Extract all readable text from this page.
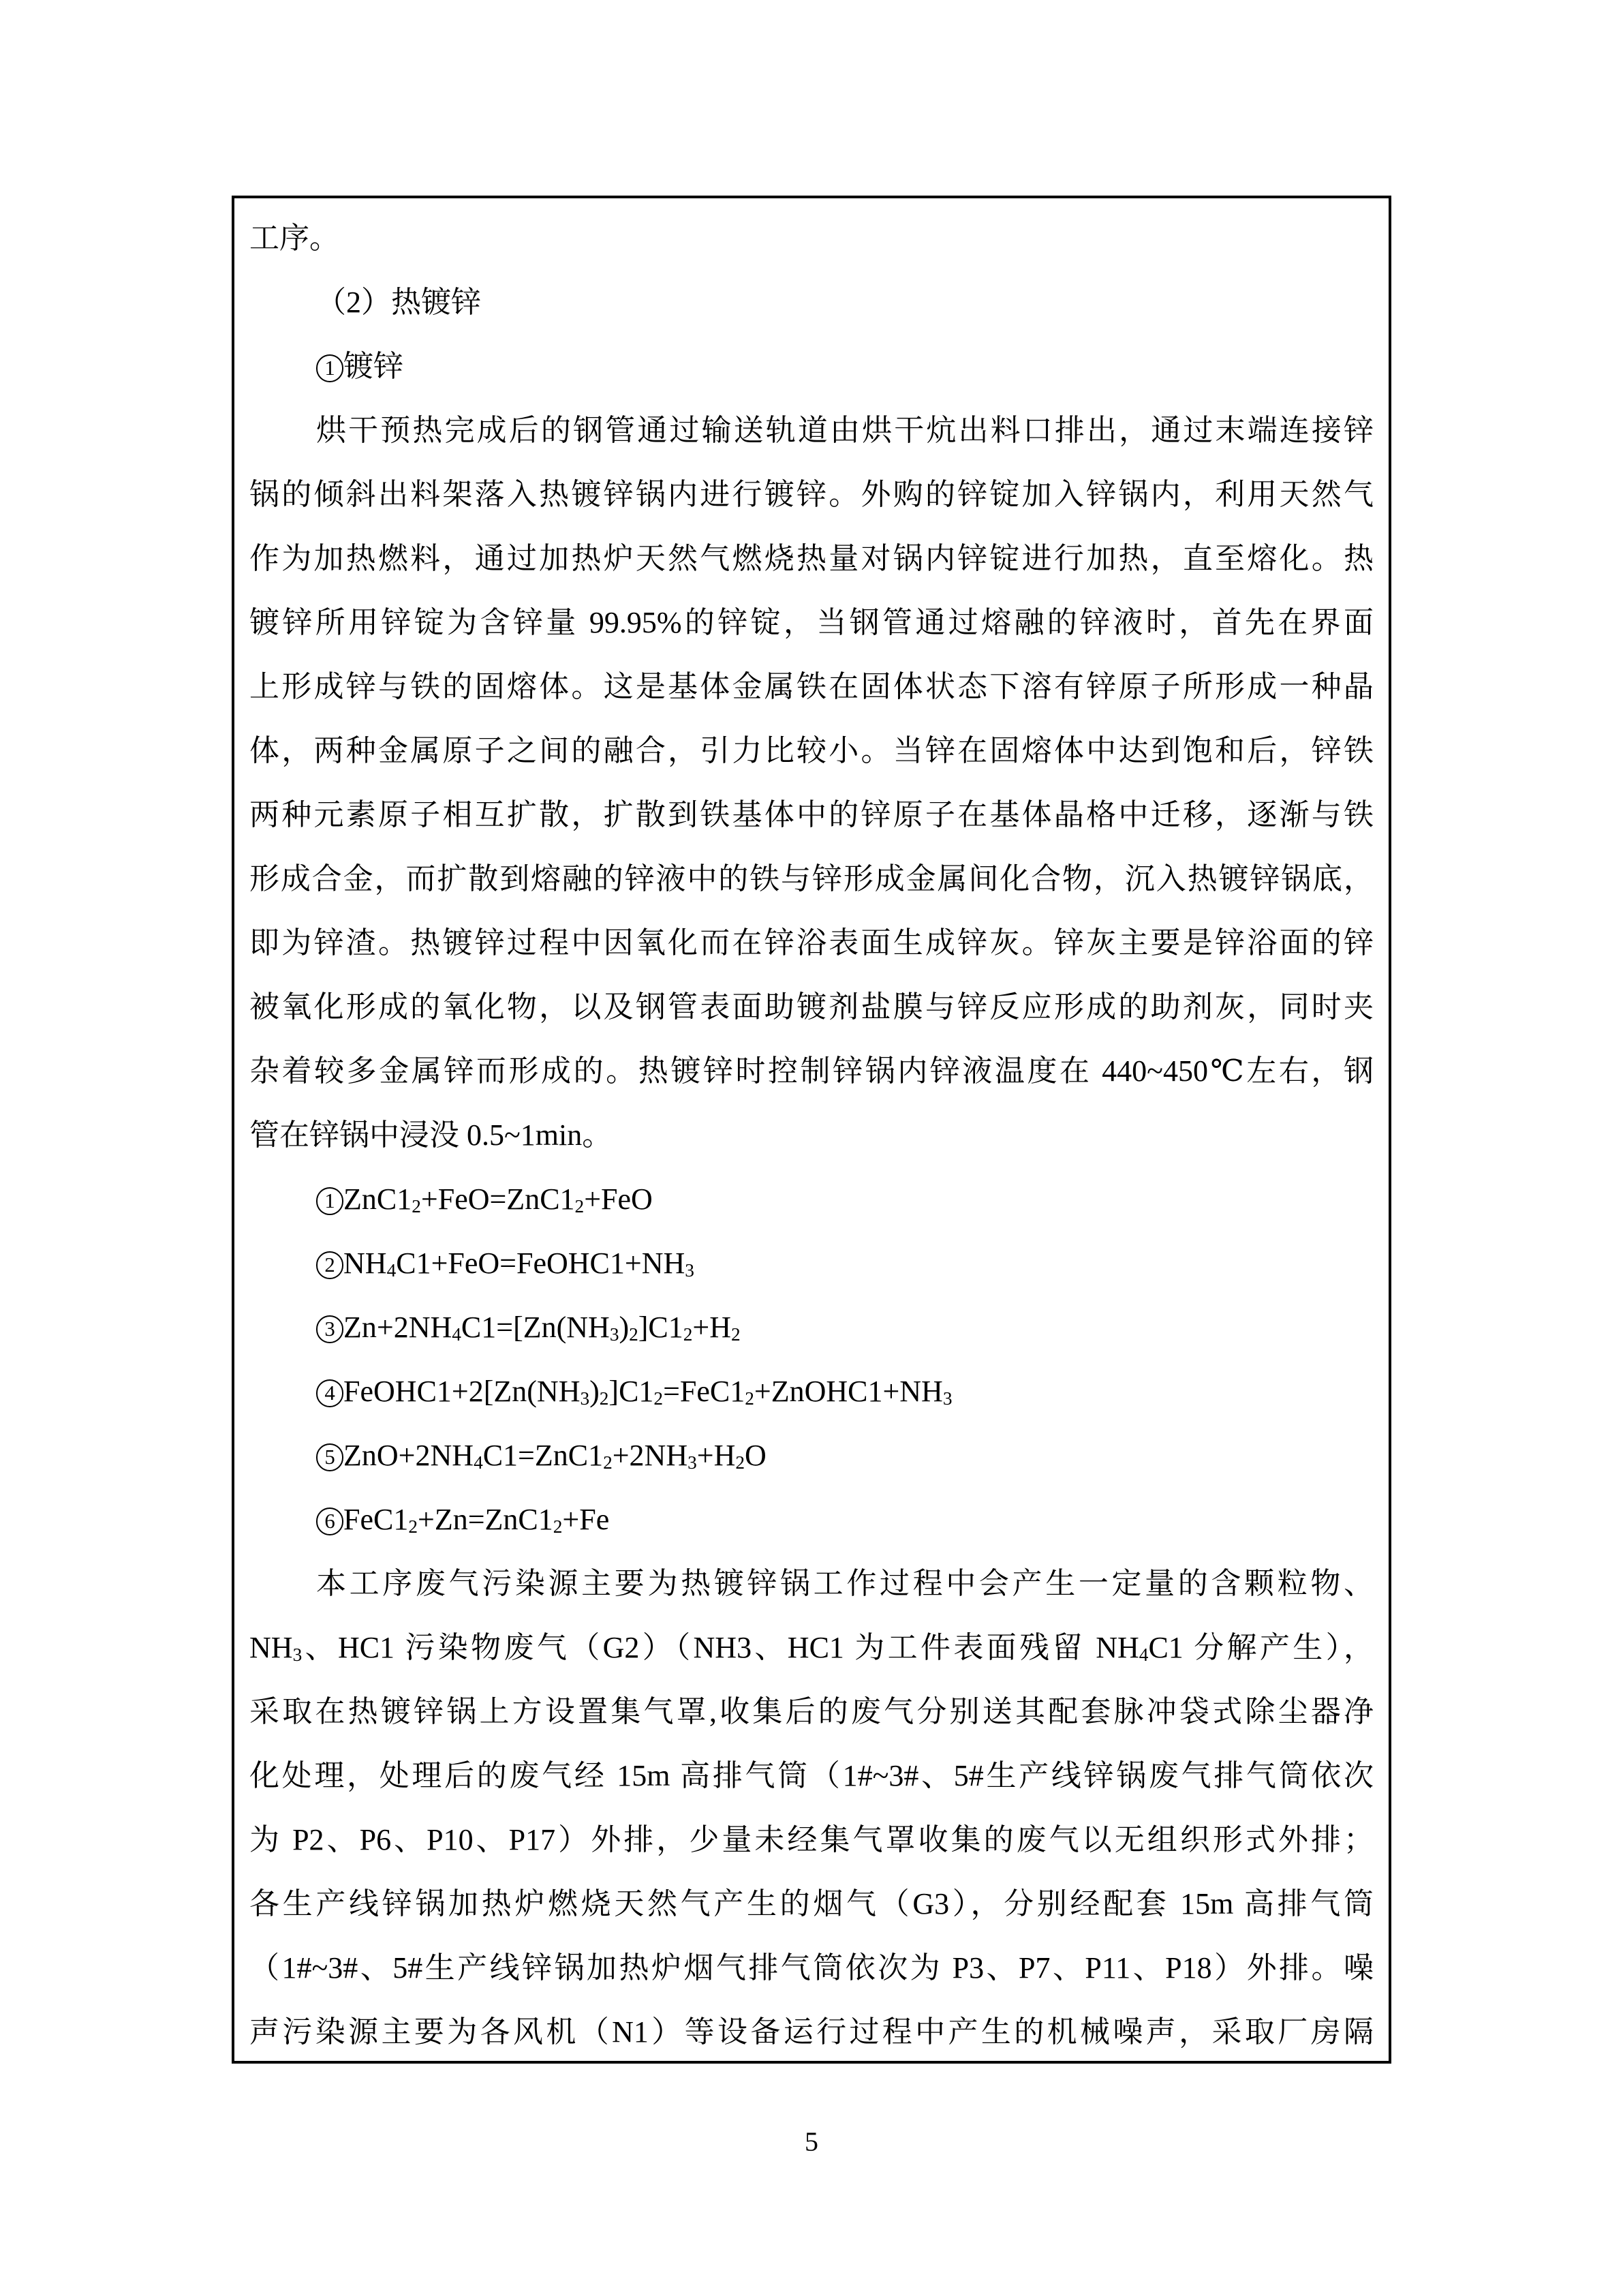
工序。
（2）热镀锌
1 镀锌
烘干预热完成后的钢管通过输送轨道由烘干炕出料口排出，通过末端连接锌
锅的倾斜出料架落入热镀锌锅内进行镀锌。外购的锌锭加入锌锅内，利用天然气
作为加热燃料，通过加热炉天然气燃烧热量对锅内锌锭进行加热，直至熔化。热
镀锌所用锌锭为含锌量 99.95%的锌锭，当钢管通过熔融的锌液时，首先在界面
上形成锌与铁的固熔体。这是基体金属铁在固体状态下溶有锌原子所形成一种晶
体，两种金属原子之间的融合，引力比较小。当锌在固熔体中达到饱和后，锌铁
两种元素原子相互扩散，扩散到铁基体中的锌原子在基体晶格中迁移，逐渐与铁
形成合金，而扩散到熔融的锌液中的铁与锌形成金属间化合物，沉入热镀锌锅底，
即为锌渣。热镀锌过程中因氧化而在锌浴表面生成锌灰。锌灰主要是锌浴面的锌
被氧化形成的氧化物，以及钢管表面助镀剂盐膜与锌反应形成的助剂灰，同时夹
杂着较多金属锌而形成的。热镀锌时控制锌锅内锌液温度在 440~450℃左右，钢
管在锌锅中浸没 0.5~1min。
1 $ZnC1_2+FeO=ZnC1_2+FeO$
2 $NH_4C1+FeO=FeOHC1+NH_3$
3 $Zn+2NH_4C1=[Zn(NH_3)_2]C1_2+H_2$
4 $FeOHC1+2[Zn(NH_3)_2]C1_2=FeC1_2+ZnOHC1+NH_3$
5 $ZnO+2NH_4C1=ZnC1_2+2NH_3+H_2O$
6 $FeC1_2+Zn=ZnC1_2+Fe$
本工序废气污染源主要为热镀锌锅工作过程中会产生一定量的含颗粒物、
$NH_3$、HC1 污染物废气（G2）（NH3、HC1 为工件表面残留 $NH_4C1$ 分解产生），
采取在热镀锌锅上方设置集气罩,收集后的废气分别送其配套脉冲袋式除尘器净
化处理，处理后的废气经 15m 高排气筒（1#~3#、5#生产线锌锅废气排气筒依次
为 P2、P6、P10、P17）外排，少量未经集气罩收集的废气以无组织形式外排；
各生产线锌锅加热炉燃烧天然气产生的烟气（G3），分别经配套 15m 高排气筒
（1#~3#、5#生产线锌锅加热炉烟气排气筒依次为 P3、P7、P11、P18）外排。噪
声污染源主要为各风机（N1）等设备运行过程中产生的机械噪声，采取厂房隔
5
